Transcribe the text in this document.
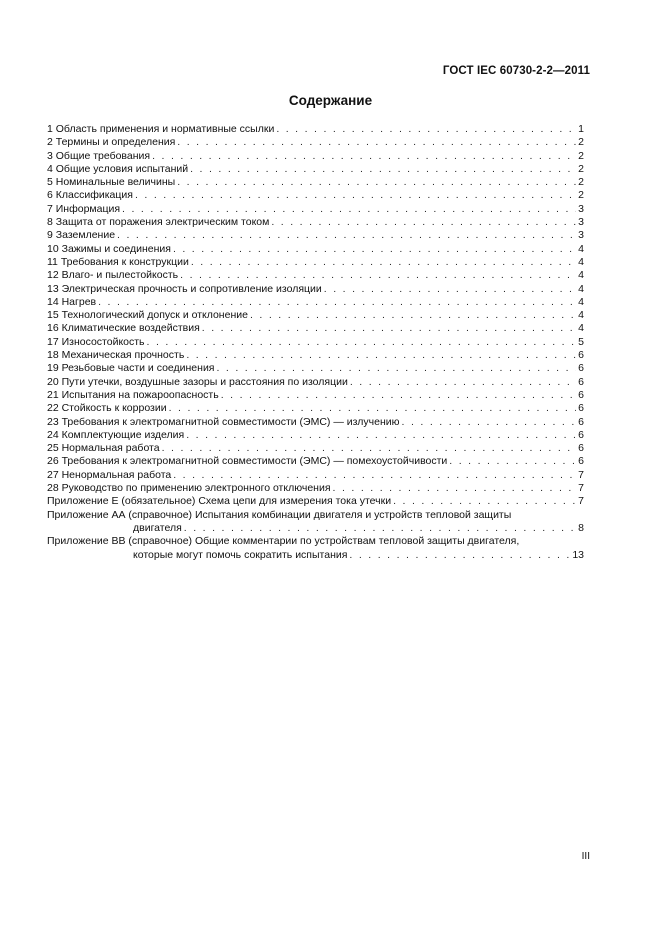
ГОСТ IEC 60730-2-2—2011
Содержание
1 Область применения и нормативные ссылки . . .	1
2 Термины и определения . . .	2
3 Общие требования . . .	2
4 Общие условия испытаний . . .	2
5 Номинальные величины . . .	2
6 Классификация . . .	2
7 Информация . . .	3
8 Защита от поражения электрическим током . . .	3
9 Заземление . . .	3
10 Зажимы и соединения . . .	4
11 Требования к конструкции . . .	4
12 Влаго- и пылестойкость . . .	4
13 Электрическая прочность и сопротивление изоляции . . .	4
14 Нагрев . . .	4
15 Технологический допуск и отклонение . . .	4
16 Климатические воздействия . . .	4
17 Износостойкость . . .	5
18 Механическая прочность . . .	6
19 Резьбовые части и соединения . . .	6
20 Пути утечки, воздушные зазоры и расстояния по изоляции . . .	6
21 Испытания на пожароопасность . . .	6
22 Стойкость к коррозии . . .	6
23 Требования к электромагнитной совместимости (ЭМС) — излучению . . .	6
24 Комплектующие изделия . . .	6
25 Нормальная работа . . .	6
26 Требования к электромагнитной совместимости (ЭМС) — помехоустойчивости . . .	6
27 Ненормальная работа . . .	7
28 Руководство по применению электронного отключения . . .	7
Приложение Е (обязательное) Схема цепи для измерения тока утечки . . .	7
Приложение АА (справочное) Испытания комбинации двигателя и устройств тепловой защиты
двигателя . . .	8
Приложение ВВ (справочное) Общие комментарии по устройствам тепловой защиты двигателя,
которые могут помочь сократить испытания . . .	13
III
